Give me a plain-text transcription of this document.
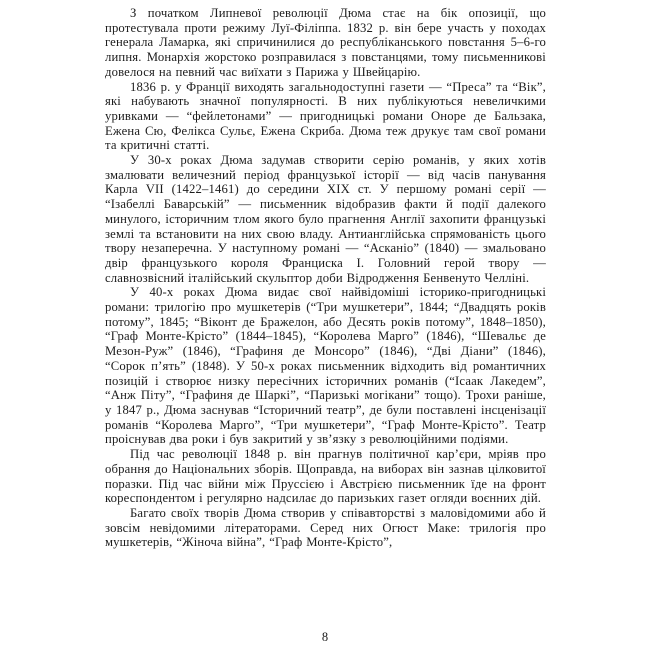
З початком Липневої революції Дюма стає на бік опозиції, що протестувала проти режиму Луї-Філіппа. 1832 р. він бере участь у походах генерала Ламарка, які спричинилися до республіканського повстання 5–6-го липня. Монархія жорстоко розправилася з повстанцями, тому письменникові довелося на певний час виїхати з Парижа у Швейцарію.

1836 р. у Франції виходять загальнодоступні газети — “Преса” та “Вік”, які набувають значної популярності. В них публікуються невеличкими уривками — “фейлетонами” — пригодницькі романи Оноре де Бальзака, Ежена Сю, Фелікса Сульє, Ежена Скриба. Дюма теж друкує там свої романи та критичні статті.

У 30-х роках Дюма задумав створити серію романів, у яких хотів змалювати величезний період французької історії — від часів панування Карла VII (1422–1461) до середини XIX ст. У першому романі серії — “Ізабеллі Баварській” — письменник відобразив факти й події далекого минулого, історичним тлом якого було прагнення Англії захопити французькі землі та встановити на них свою владу. Антианглійська спрямованість цього твору незаперечна. У наступному романі — “Асканіо” (1840) — змальовано двір французького короля Франциска I. Головний герой твору — славнозвісний італійський скульптор доби Відродження Бенвенуто Челліні.

У 40-х роках Дюма видає свої найвідоміші історико-пригодницькі романи: трилогію про мушкетерів (“Три мушкетери”, 1844; “Двадцять років потому”, 1845; “Віконт де Бражелон, або Десять років потому”, 1848–1850), “Граф Монте-Крісто” (1844–1845), “Королева Марго” (1846), “Шевальє де Мезон-Руж” (1846), “Графиня де Монсоро” (1846), “Дві Діани” (1846), “Сорок п’ять” (1848). У 50-х роках письменник відходить від романтичних позицій і створює низку пересічних історичних романів (“Ісаак Лакедем”, “Анж Піту”, “Графиня де Шаркі”, “Паризькі могікани” тощо). Трохи раніше, у 1847 р., Дюма заснував “Історичний театр”, де були поставлені інсценізації романів “Королева Марго”, “Три мушкетери”, “Граф Монте-Крісто”. Театр проіснував два роки і був закритий у зв’язку з революційними подіями.

Під час революції 1848 р. він прагнув політичної кар’єри, мріяв про обрання до Національних зборів. Щоправда, на виборах він зазнав цілковитої поразки. Під час війни між Пруссією і Австрією письменник їде на фронт кореспондентом і регулярно надсилає до паризьких газет огляди воєнних дій.

Багато своїх творів Дюма створив у співавторстві з маловідомими або й зовсім невідомими літераторами. Серед них Огюст Маке: трилогія про мушкетерів, “Жіноча війна”, “Граф Монте-Крісто”,

8
